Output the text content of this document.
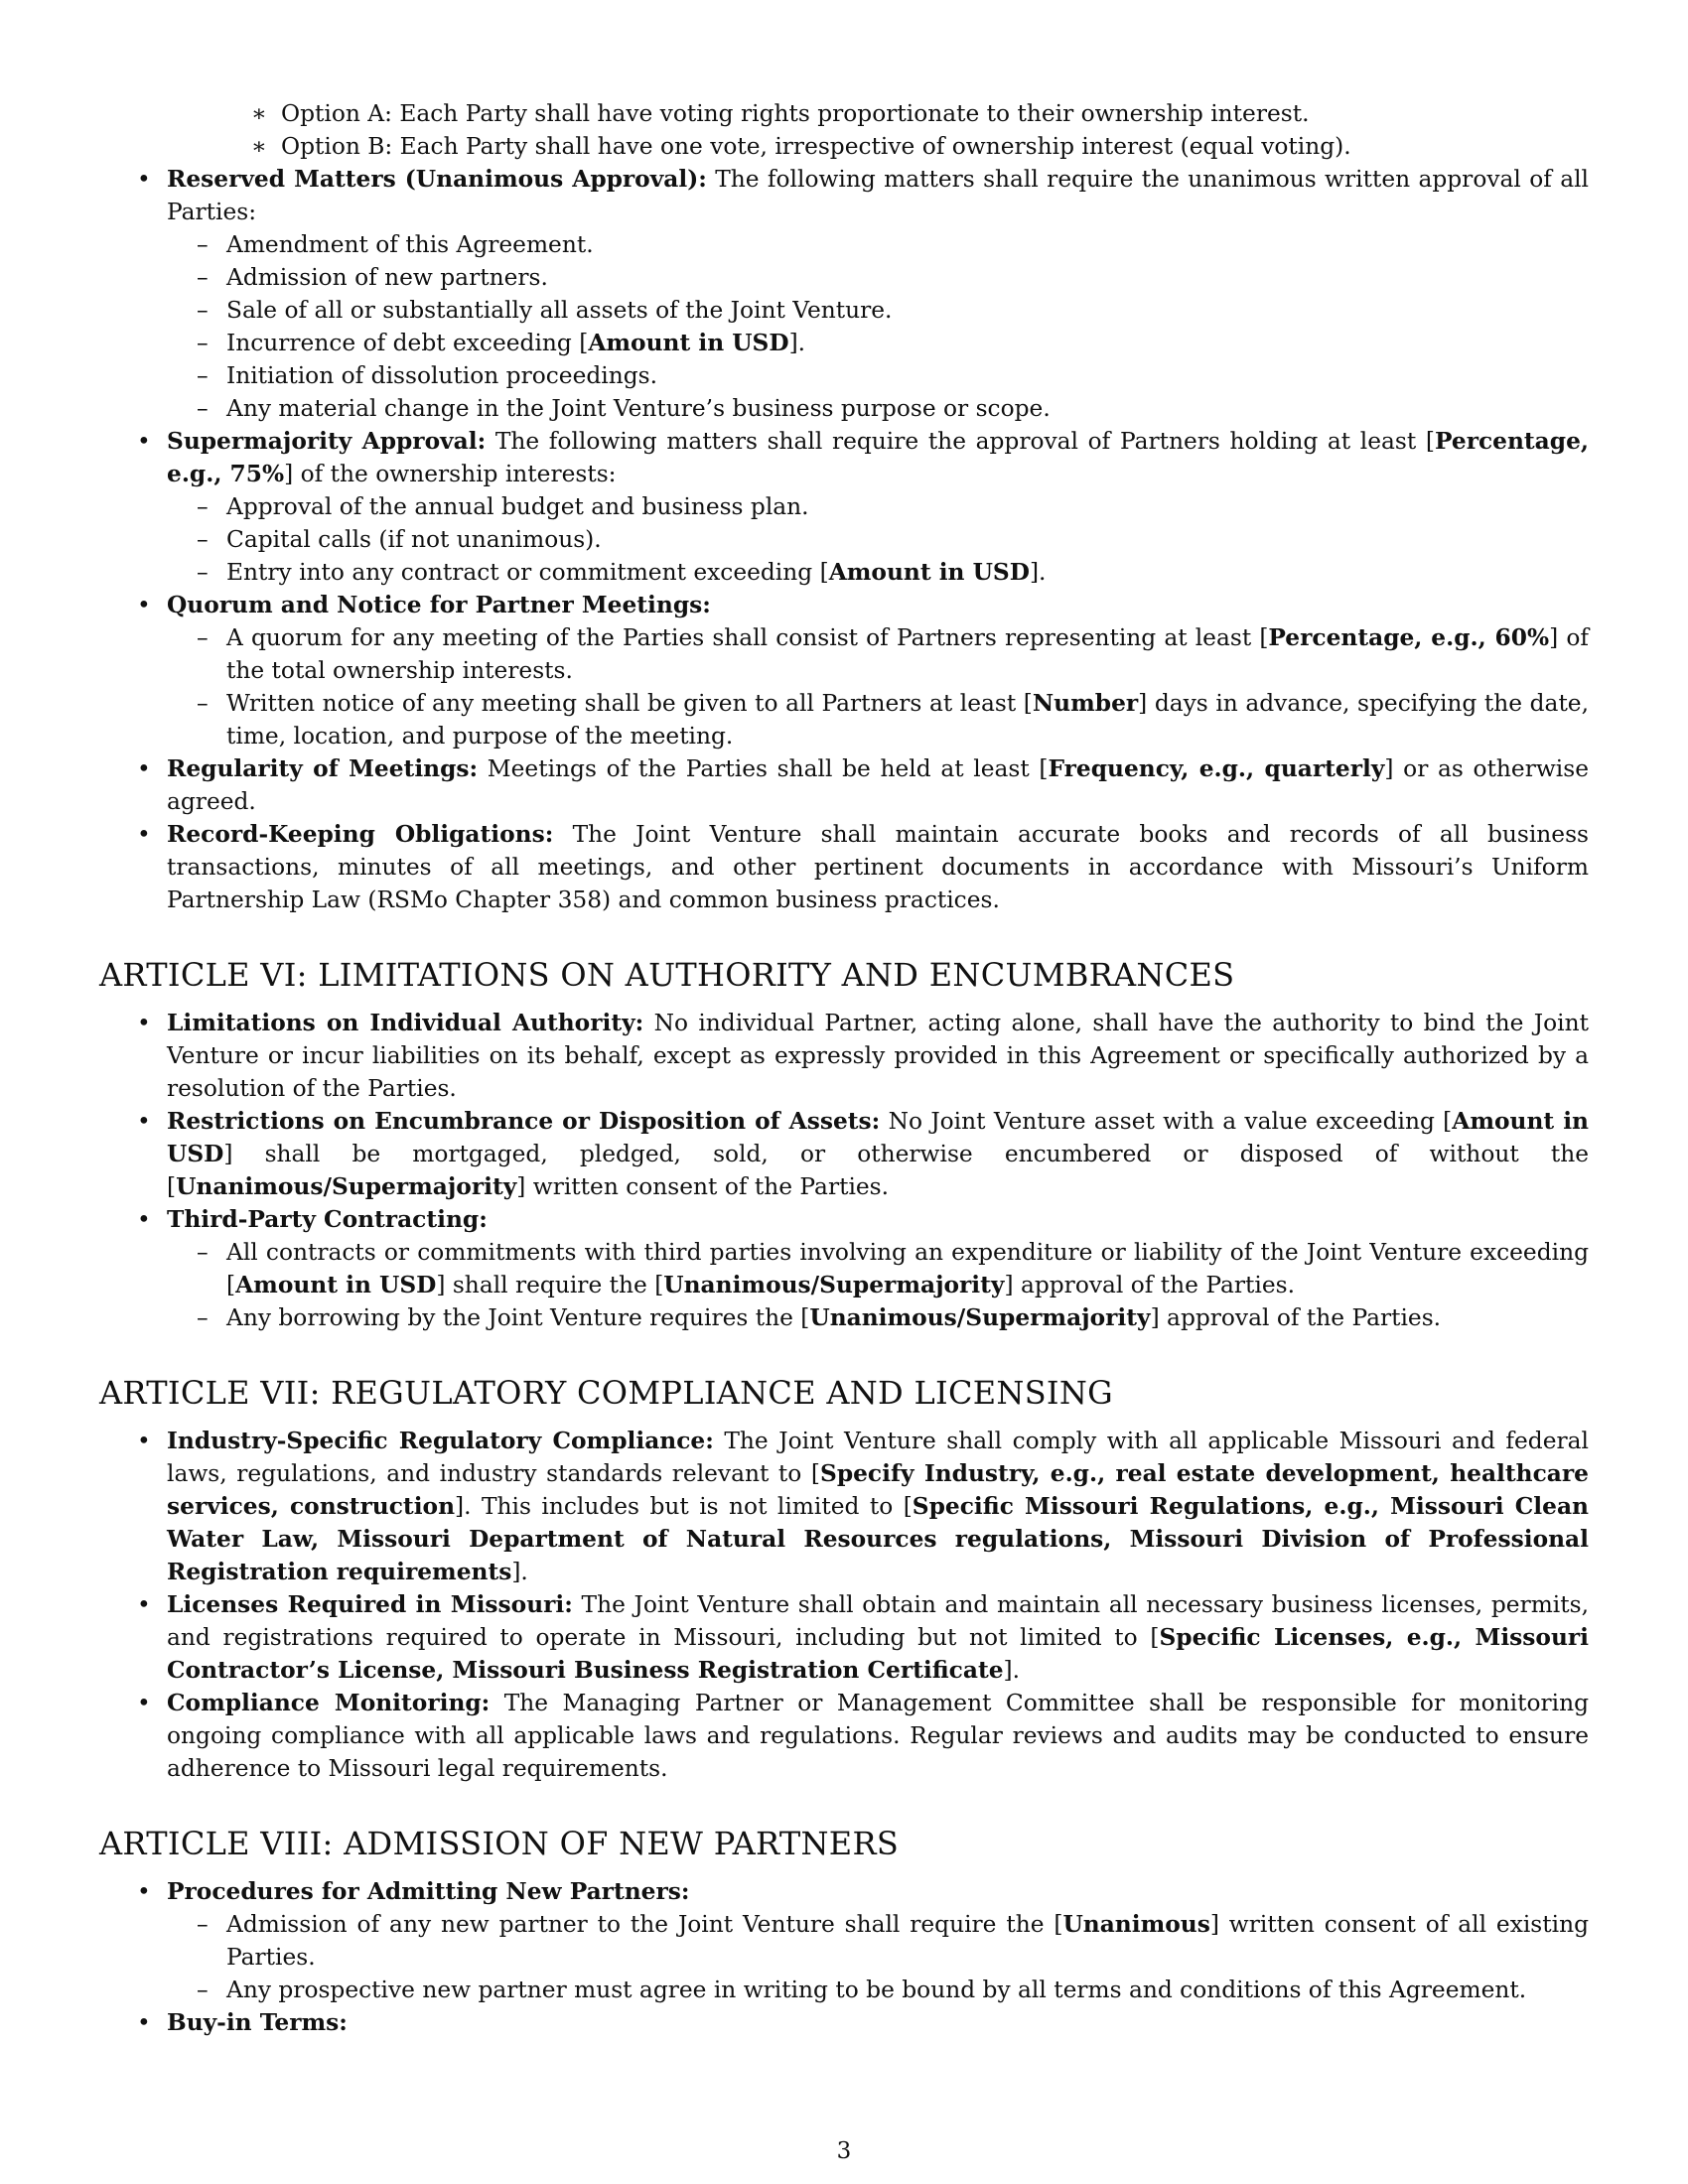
∗ Option A: Each Party shall have voting rights proportionate to their ownership interest.

∗ Option B: Each Party shall have one vote, irrespective of ownership interest (equal voting).

• Reserved Matters (Unanimous Approval): The following matters shall require the unanimous written approval of all Parties:

– Amendment of this Agreement.

– Admission of new partners.

– Sale of all or substantially all assets of the Joint Venture.

– Incurrence of debt exceeding [Amount in USD].

– Initiation of dissolution proceedings.

– Any material change in the Joint Venture’s business purpose or scope.

• Supermajority Approval: The following matters shall require the approval of Partners holding at least [Percentage, e.g., 75%] of the ownership interests:

– Approval of the annual budget and business plan.

– Capital calls (if not unanimous).

– Entry into any contract or commitment exceeding [Amount in USD].

• Quorum and Notice for Partner Meetings:

– A quorum for any meeting of the Parties shall consist of Partners representing at least [Percentage, e.g., 60%] of the total ownership interests.

– Written notice of any meeting shall be given to all Partners at least [Number] days in advance, specifying the date, time, location, and purpose of the meeting.

• Regularity of Meetings: Meetings of the Parties shall be held at least [Frequency, e.g., quarterly] or as otherwise agreed.

• Record-Keeping Obligations: The Joint Venture shall maintain accurate books and records of all business transactions, minutes of all meetings, and other pertinent documents in accordance with Missouri’s Uniform Partnership Law (RSMo Chapter 358) and common business practices.

ARTICLE VI: LIMITATIONS ON AUTHORITY AND ENCUMBRANCES

• Limitations on Individual Authority: No individual Partner, acting alone, shall have the authority to bind the Joint Venture or incur liabilities on its behalf, except as expressly provided in this Agreement or specifically authorized by a resolution of the Parties.

• Restrictions on Encumbrance or Disposition of Assets: No Joint Venture asset with a value exceeding [Amount in USD] shall be mortgaged, pledged, sold, or otherwise encumbered or disposed of without the [Unanimous/Supermajority] written consent of the Parties.

• Third-Party Contracting:

– All contracts or commitments with third parties involving an expenditure or liability of the Joint Venture exceeding [Amount in USD] shall require the [Unanimous/Supermajority] approval of the Parties.

– Any borrowing by the Joint Venture requires the [Unanimous/Supermajority] approval of the Parties.

ARTICLE VII: REGULATORY COMPLIANCE AND LICENSING

• Industry-Specific Regulatory Compliance: The Joint Venture shall comply with all applicable Missouri and federal laws, regulations, and industry standards relevant to [Specify Industry, e.g., real estate development, healthcare services, construction]. This includes but is not limited to [Specific Missouri Regulations, e.g., Missouri Clean Water Law, Missouri Department of Natural Resources regulations, Missouri Division of Professional Registration requirements].

• Licenses Required in Missouri: The Joint Venture shall obtain and maintain all necessary business licenses, permits, and registrations required to operate in Missouri, including but not limited to [Specific Licenses, e.g., Missouri Contractor’s License, Missouri Business Registration Certificate].

• Compliance Monitoring: The Managing Partner or Management Committee shall be responsible for monitoring ongoing compliance with all applicable laws and regulations. Regular reviews and audits may be conducted to ensure adherence to Missouri legal requirements.

ARTICLE VIII: ADMISSION OF NEW PARTNERS

• Procedures for Admitting New Partners:

– Admission of any new partner to the Joint Venture shall require the [Unanimous] written consent of all existing Parties.

– Any prospective new partner must agree in writing to be bound by all terms and conditions of this Agreement.

• Buy-in Terms:

3
